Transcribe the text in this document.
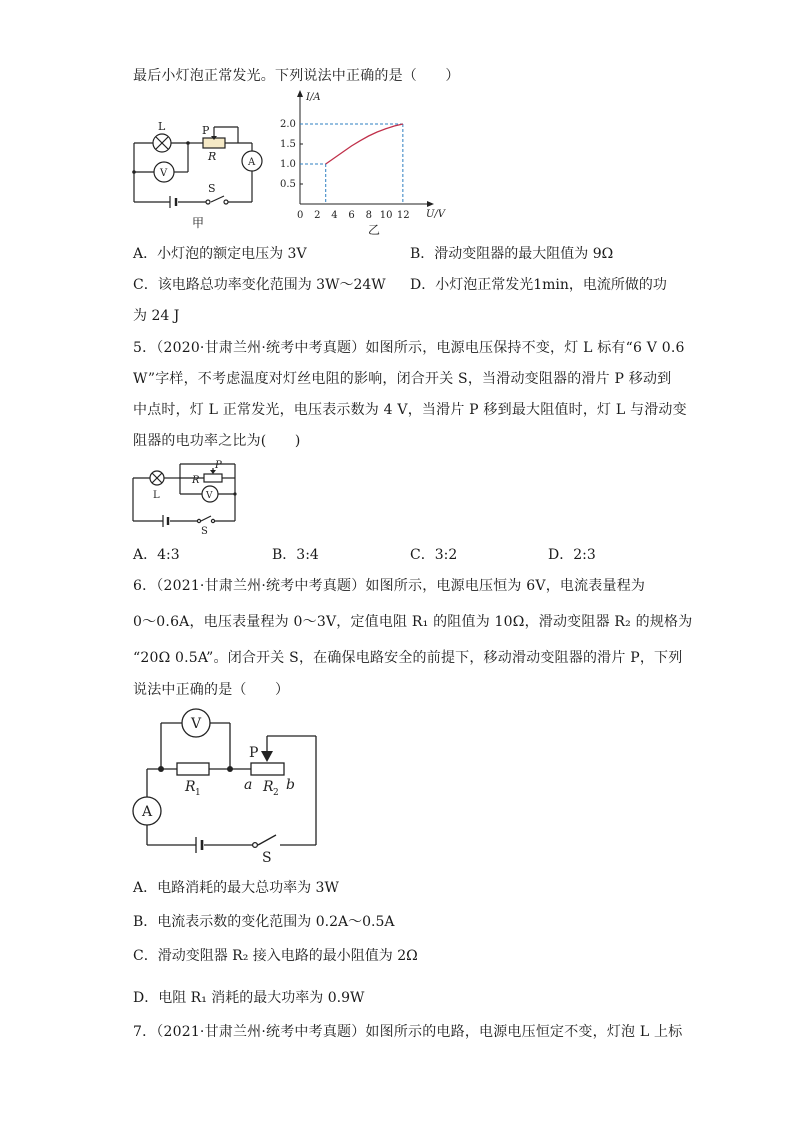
最后小灯泡正常发光。下列说法中正确的是（　　）
L	P
R
V
A
S
甲
U/V
I/A
0 2 4 6 8 10 12
0.5
1.0
1.5
2.0
乙
A．小灯泡的额定电压为 3V	B．滑动变阻器的最大阻值为 9Ω
C．该电路总功率变化范围为 3W～24W D．小灯泡正常发光1min，电流所做的功
为 24 J
5．（2020·甘肃兰州·统考中考真题）如图所示，电源电压保持不变，灯 L 标有“6 V 0.6
W”字样，不考虑温度对灯丝电阻的影响，闭合开关 S，当滑动变阻器的滑片 P 移动到
中点时，灯 L 正常发光，电压表示数为 4 V，当滑片 P 移到最大阻值时，灯 L 与滑动变
阻器的电功率之比为(　　)
L
P
R
V
S
A．4:3	B．3:4	C．3:2	D．2:3
6．（2021·甘肃兰州·统考中考真题）如图所示，电源电压恒为 6V，电流表量程为
0～0.6A，电压表量程为 0～3V，定值电阻 R₁ 的阻值为 10Ω，滑动变阻器 R₂ 的规格为
“20Ω 0.5A”。闭合开关 S，在确保电路安全的前提下，移动滑动变阻器的滑片 P，下列
说法中正确的是（　　）
V
A
P
R 1	a R 2 b
S
A．电路消耗的最大总功率为 3W
B．电流表示数的变化范围为 0.2A～0.5A
C．滑动变阻器 R₂ 接入电路的最小阻值为 2Ω
D．电阻 R₁ 消耗的最大功率为 0.9W
7．（2021·甘肃兰州·统考中考真题）如图所示的电路，电源电压恒定不变，灯泡 L 上标
